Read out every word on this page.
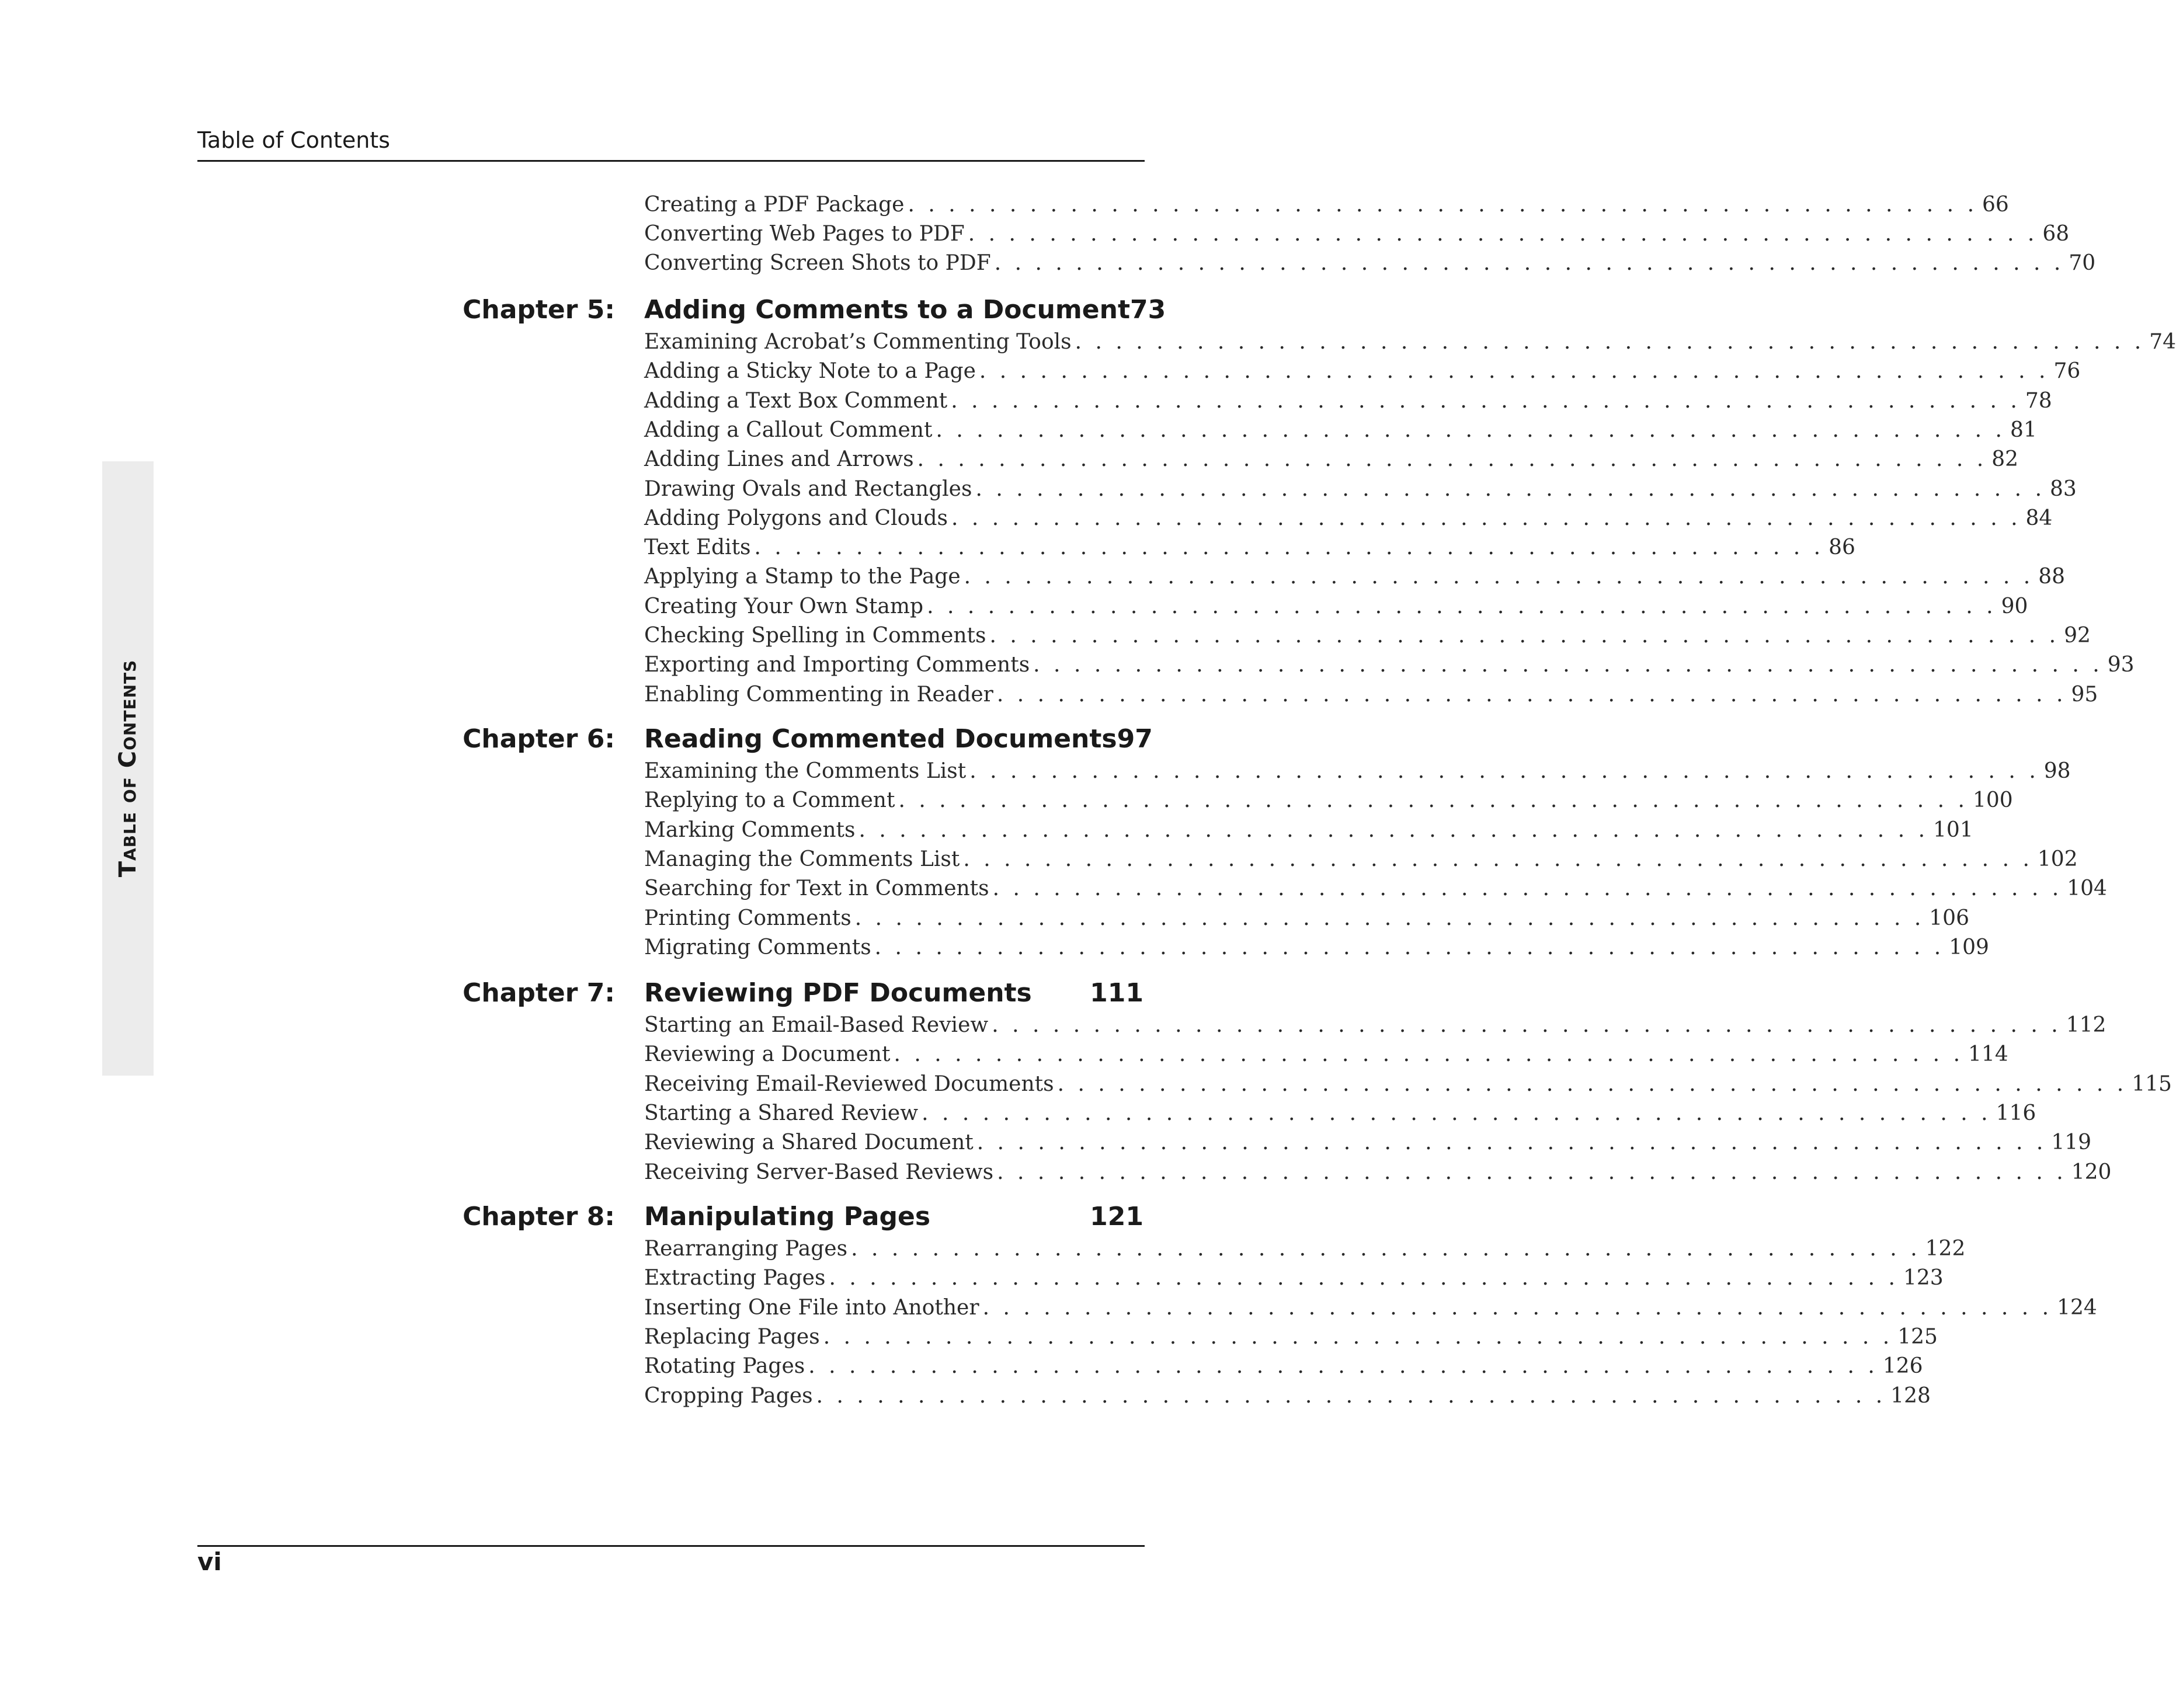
Table of Contents
Table of Contents
Creating a PDF Package . . . . . . . . . . . . . . . . . . . . . . . . . . . . . . . . . . . . . . . . . . . . . . . . . . . . . 66
Converting Web Pages to PDF . . . . . . . . . . . . . . . . . . . . . . . . . . . . . . . . . . . . . . . . . . . . . . . . . . . . . 68
Converting Screen Shots to PDF . . . . . . . . . . . . . . . . . . . . . . . . . . . . . . . . . . . . . . . . . . . . . . . . . . . . . 70
Chapter 5: Adding Comments to a Document 73
Examining Acrobat’s Commenting Tools . . . . . . . . . . . . . . . . . . . . . . . . . . . . . . . . . . . . . . . . . . . . . . . . . . . . . 74
Adding a Sticky Note to a Page . . . . . . . . . . . . . . . . . . . . . . . . . . . . . . . . . . . . . . . . . . . . . . . . . . . . . 76
Adding a Text Box Comment . . . . . . . . . . . . . . . . . . . . . . . . . . . . . . . . . . . . . . . . . . . . . . . . . . . . . 78
Adding a Callout Comment . . . . . . . . . . . . . . . . . . . . . . . . . . . . . . . . . . . . . . . . . . . . . . . . . . . . . 81
Adding Lines and Arrows . . . . . . . . . . . . . . . . . . . . . . . . . . . . . . . . . . . . . . . . . . . . . . . . . . . . . 82
Drawing Ovals and Rectangles . . . . . . . . . . . . . . . . . . . . . . . . . . . . . . . . . . . . . . . . . . . . . . . . . . . . . 83
Adding Polygons and Clouds . . . . . . . . . . . . . . . . . . . . . . . . . . . . . . . . . . . . . . . . . . . . . . . . . . . . . 84
Text Edits . . . . . . . . . . . . . . . . . . . . . . . . . . . . . . . . . . . . . . . . . . . . . . . . . . . . . 86
Applying a Stamp to the Page . . . . . . . . . . . . . . . . . . . . . . . . . . . . . . . . . . . . . . . . . . . . . . . . . . . . . 88
Creating Your Own Stamp . . . . . . . . . . . . . . . . . . . . . . . . . . . . . . . . . . . . . . . . . . . . . . . . . . . . . 90
Checking Spelling in Comments . . . . . . . . . . . . . . . . . . . . . . . . . . . . . . . . . . . . . . . . . . . . . . . . . . . . . 92
Exporting and Importing Comments . . . . . . . . . . . . . . . . . . . . . . . . . . . . . . . . . . . . . . . . . . . . . . . . . . . . . 93
Enabling Commenting in Reader . . . . . . . . . . . . . . . . . . . . . . . . . . . . . . . . . . . . . . . . . . . . . . . . . . . . . 95
Chapter 6: Reading Commented Documents 97
Examining the Comments List . . . . . . . . . . . . . . . . . . . . . . . . . . . . . . . . . . . . . . . . . . . . . . . . . . . . . 98
Replying to a Comment . . . . . . . . . . . . . . . . . . . . . . . . . . . . . . . . . . . . . . . . . . . . . . . . . . . . . 100
Marking Comments . . . . . . . . . . . . . . . . . . . . . . . . . . . . . . . . . . . . . . . . . . . . . . . . . . . . . 101
Managing the Comments List . . . . . . . . . . . . . . . . . . . . . . . . . . . . . . . . . . . . . . . . . . . . . . . . . . . . . 102
Searching for Text in Comments . . . . . . . . . . . . . . . . . . . . . . . . . . . . . . . . . . . . . . . . . . . . . . . . . . . . . 104
Printing Comments . . . . . . . . . . . . . . . . . . . . . . . . . . . . . . . . . . . . . . . . . . . . . . . . . . . . . 106
Migrating Comments . . . . . . . . . . . . . . . . . . . . . . . . . . . . . . . . . . . . . . . . . . . . . . . . . . . . . 109
Chapter 7: Reviewing PDF Documents 111
Starting an Email-Based Review . . . . . . . . . . . . . . . . . . . . . . . . . . . . . . . . . . . . . . . . . . . . . . . . . . . . . 112
Reviewing a Document . . . . . . . . . . . . . . . . . . . . . . . . . . . . . . . . . . . . . . . . . . . . . . . . . . . . . 114
Receiving Email-Reviewed Documents . . . . . . . . . . . . . . . . . . . . . . . . . . . . . . . . . . . . . . . . . . . . . . . . . . . . . 115
Starting a Shared Review . . . . . . . . . . . . . . . . . . . . . . . . . . . . . . . . . . . . . . . . . . . . . . . . . . . . . 116
Reviewing a Shared Document . . . . . . . . . . . . . . . . . . . . . . . . . . . . . . . . . . . . . . . . . . . . . . . . . . . . . 119
Receiving Server-Based Reviews . . . . . . . . . . . . . . . . . . . . . . . . . . . . . . . . . . . . . . . . . . . . . . . . . . . . . 120
Chapter 8: Manipulating Pages	121
Rearranging Pages . . . . . . . . . . . . . . . . . . . . . . . . . . . . . . . . . . . . . . . . . . . . . . . . . . . . . 122
Extracting Pages . . . . . . . . . . . . . . . . . . . . . . . . . . . . . . . . . . . . . . . . . . . . . . . . . . . . . 123
Inserting One File into Another . . . . . . . . . . . . . . . . . . . . . . . . . . . . . . . . . . . . . . . . . . . . . . . . . . . . . 124
Replacing Pages . . . . . . . . . . . . . . . . . . . . . . . . . . . . . . . . . . . . . . . . . . . . . . . . . . . . . 125
Rotating Pages . . . . . . . . . . . . . . . . . . . . . . . . . . . . . . . . . . . . . . . . . . . . . . . . . . . . . 126
Cropping Pages . . . . . . . . . . . . . . . . . . . . . . . . . . . . . . . . . . . . . . . . . . . . . . . . . . . . . 128
vi
